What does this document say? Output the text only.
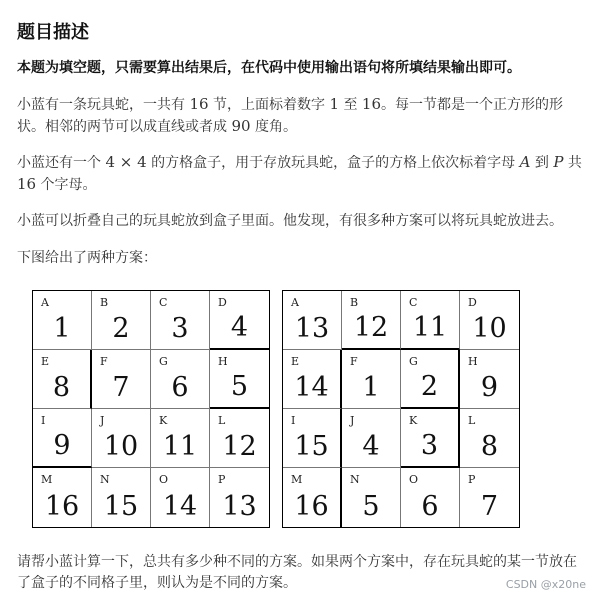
题目描述

本题为填空题，只需要算出结果后，在代码中使用输出语句将所填结果输出即可。

小蓝有一条玩具蛇，一共有 16 节，上面标着数字 1 至 16。每一节都是一个正方形的形状。相邻的两节可以成直线或者成 90 度角。

小蓝还有一个 4 × 4 的方格盒子，用于存放玩具蛇，盒子的方格上依次标着字母 A 到 P 共 16 个字母。

小蓝可以折叠自己的玩具蛇放到盒子里面。他发现，有很多种方案可以将玩具蛇放进去。

下图给出了两种方案：

A
1
B
2
C
3
D
4
E
8
F
7
G
6
H
5
I
9
J
10
K
11
L
12
M
16
N
15
O
14
P
13
A
13
B
12
C
11
D
10
E
14
F
1
G
2
H
9
I
15
J
4
K
3
L
8
M
16
N
5
O
6
P
7

请帮小蓝计算一下，总共有多少种不同的方案。如果两个方案中，存在玩具蛇的某一节放在了盒子的不同格子里，则认为是不同的方案。	CSDN @x20ne
